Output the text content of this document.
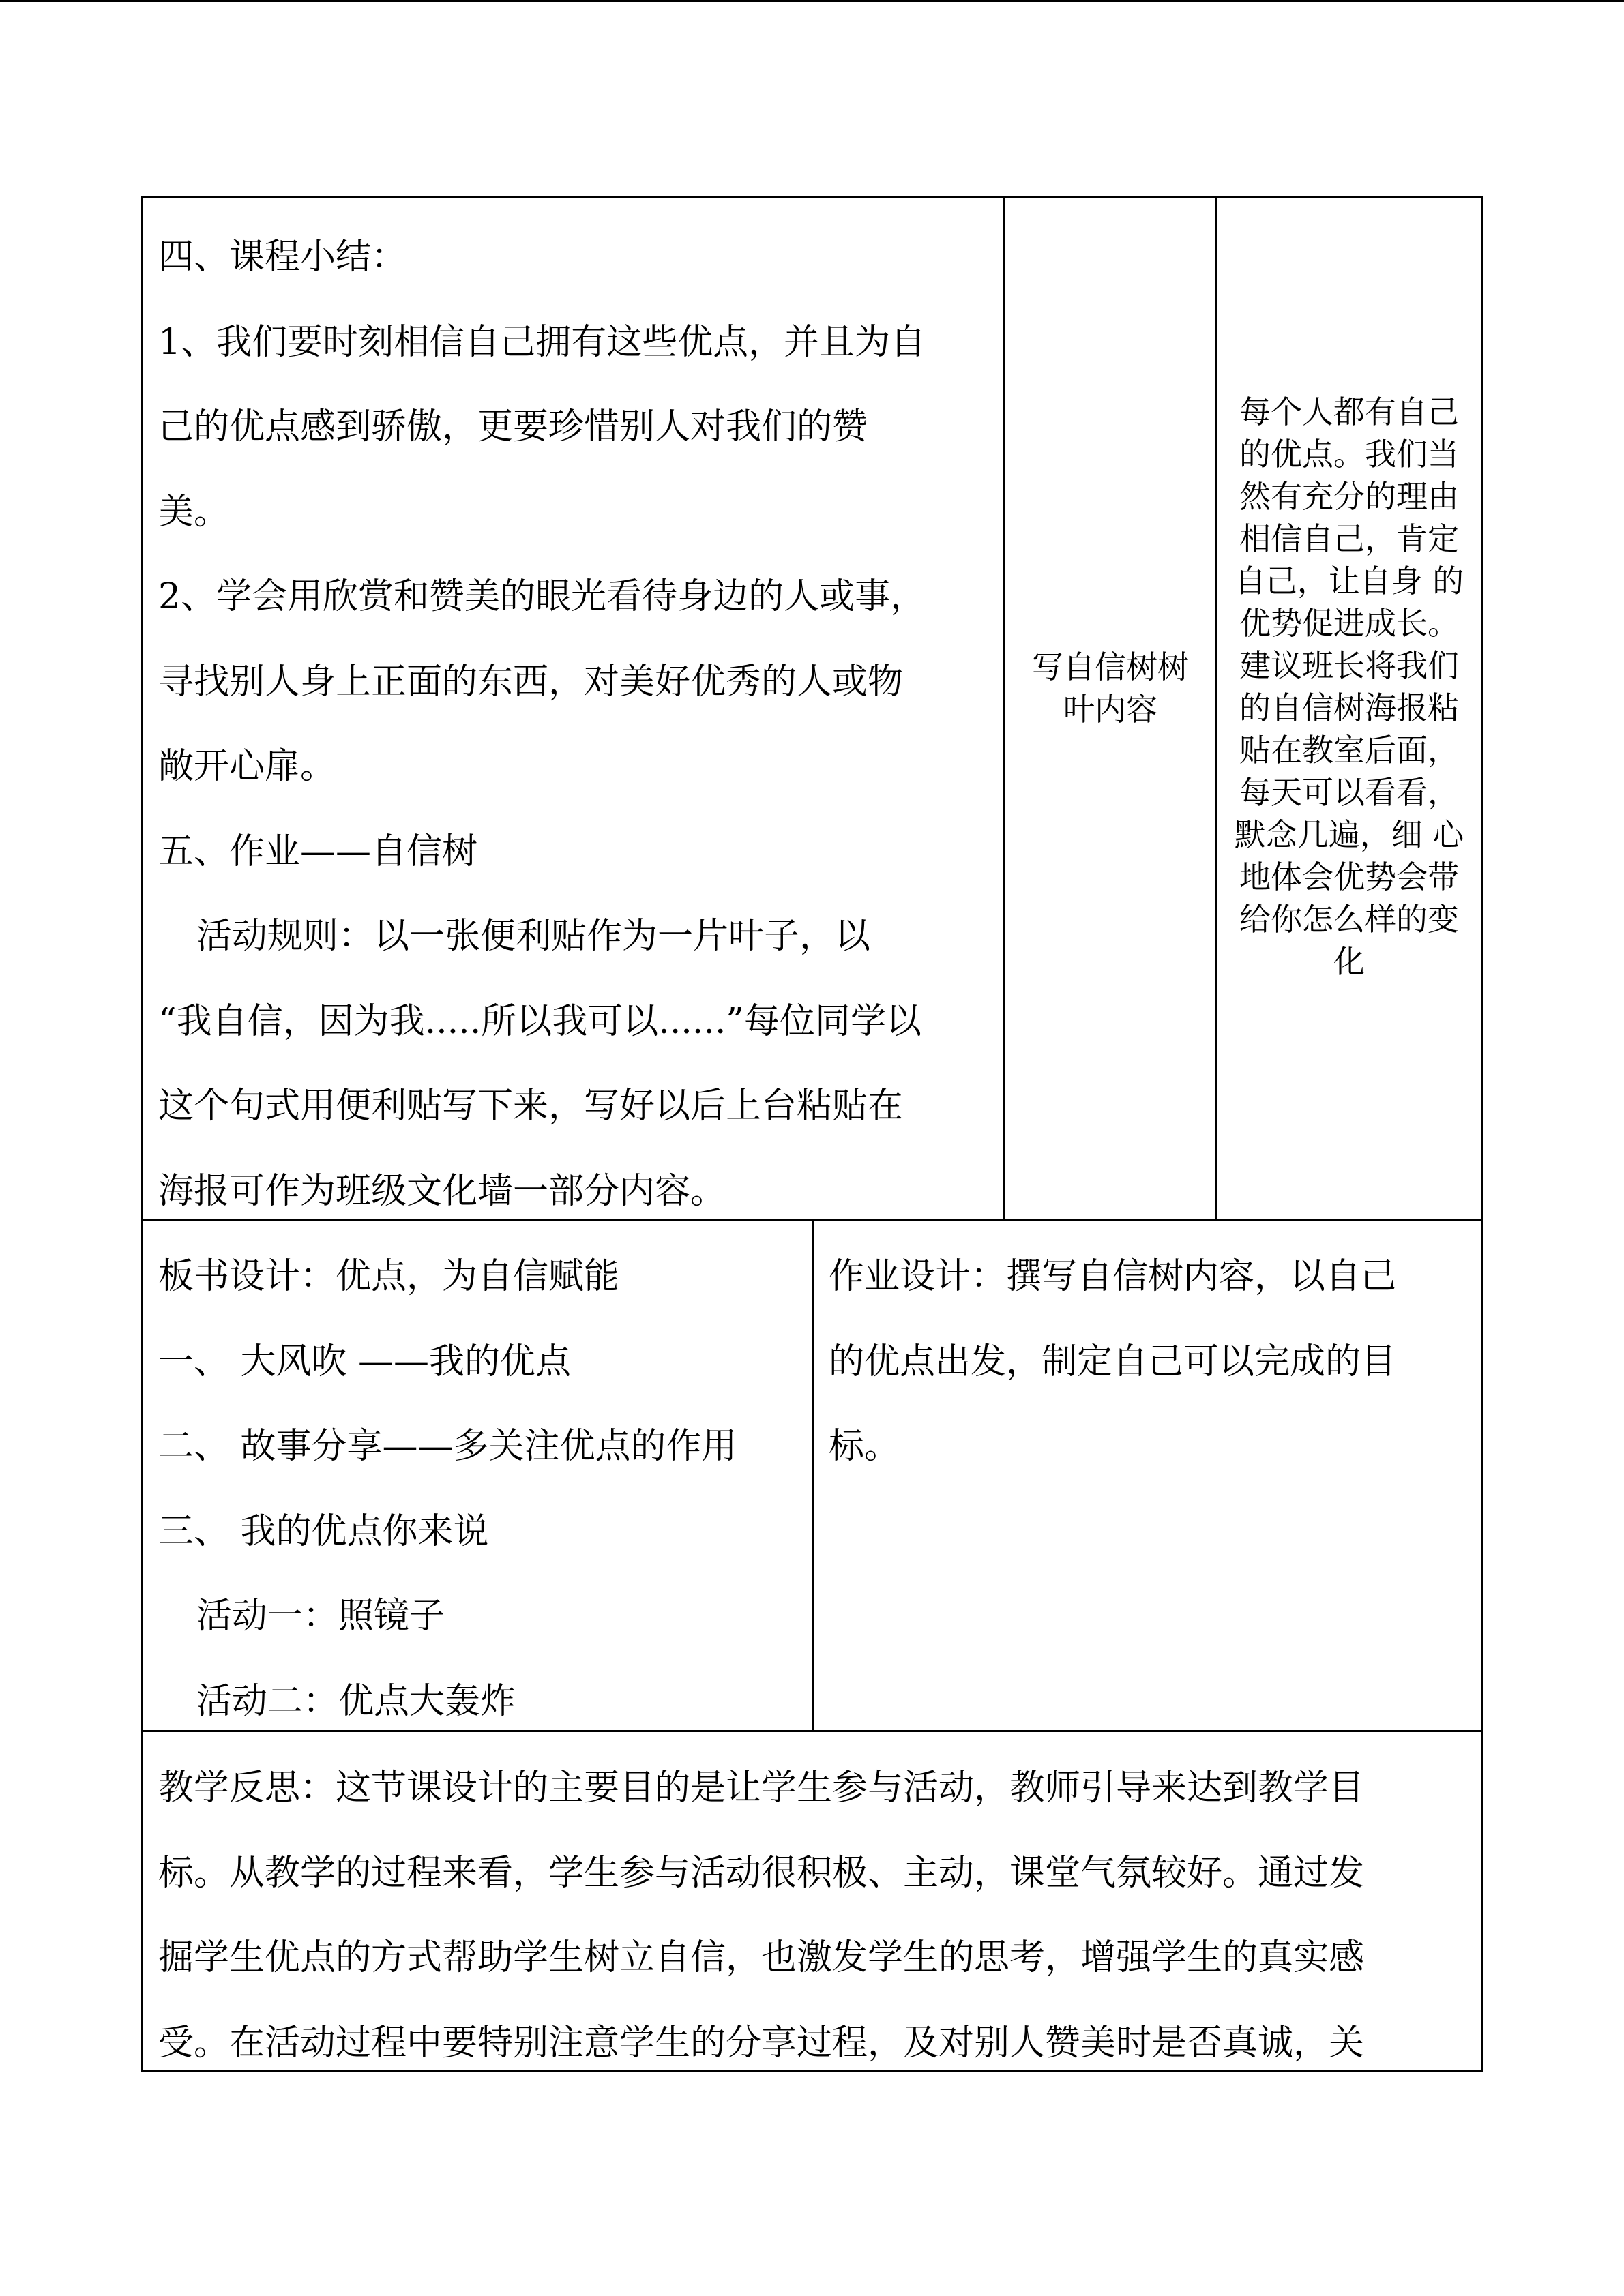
四、课程小结：

1、我们要时刻相信自己拥有这些优点，并且为自

己的优点感到骄傲，更要珍惜别人对我们的赞

美。

2、学会用欣赏和赞美的眼光看待身边的人或事，

寻找别人身上正面的东西，对美好优秀的人或物

敞开心扉。

五、作业——自信树

活动规则：以一张便利贴作为一片叶子，以

“我自信，因为我.....所以我可以......”每位同学以

这个句式用便利贴写下来，写好以后上台粘贴在

海报可作为班级文化墙一部分内容。

写自信树树

叶内容

每个人都有自己

的优点。我们当

然有充分的理由

相信自己，肯定

自己，让自身 的

优势促进成长。

建议班长将我们

的自信树海报粘

贴在教室后面，

每天可以看看，

默念几遍，细 心

地体会优势会带

给你怎么样的变

化

板书设计：优点，为自信赋能

一、 大风吹 ——我的优点

二、 故事分享——多关注优点的作用

三、 我的优点你来说

活动一：照镜子

活动二：优点大轰炸

作业设计：撰写自信树内容，以自己

的优点出发，制定自己可以完成的目

标。

教学反思：这节课设计的主要目的是让学生参与活动，教师引导来达到教学目

标。从教学的过程来看，学生参与活动很积极、主动，课堂气氛较好。通过发

掘学生优点的方式帮助学生树立自信，也激发学生的思考，增强学生的真实感

受。在活动过程中要特别注意学生的分享过程，及对别人赞美时是否真诚，关
